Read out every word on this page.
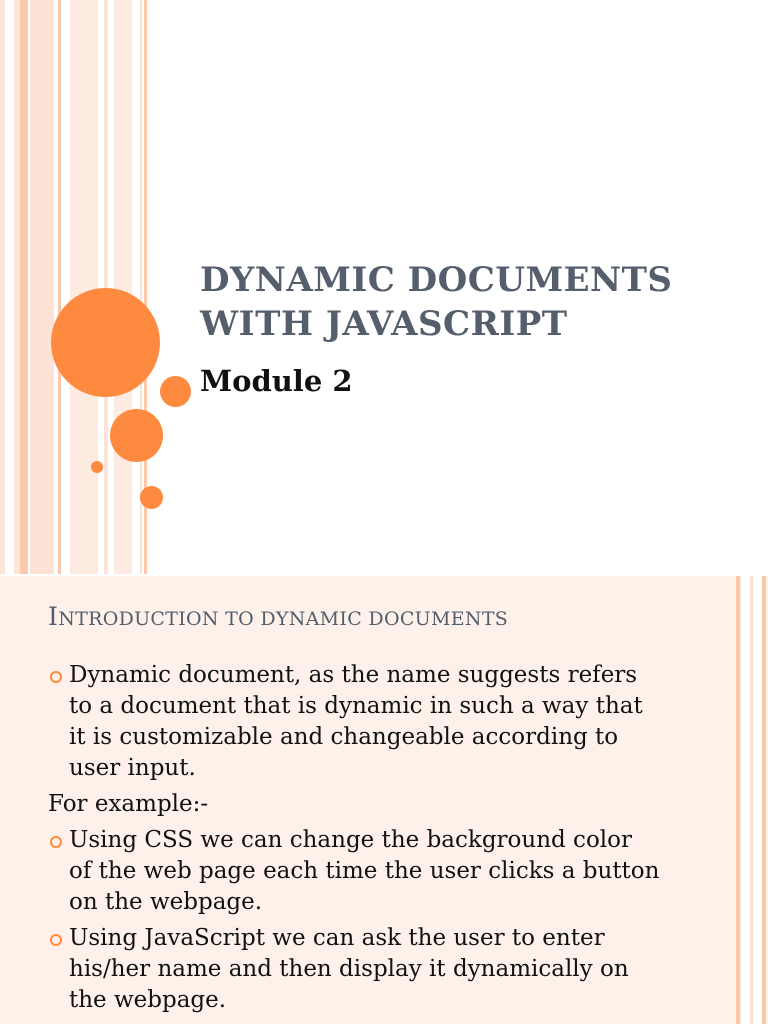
DYNAMIC DOCUMENTS
WITH JAVASCRIPT
Module 2
INTRODUCTION TO DYNAMIC DOCUMENTS
Dynamic document, as the name suggests refers
to a document that is dynamic in such a way that
it is customizable and changeable according to
user input.
For example:-
Using CSS we can change the background color
of the web page each time the user clicks a button
on the webpage.
Using JavaScript we can ask the user to enter
his/her name and then display it dynamically on
the webpage.
